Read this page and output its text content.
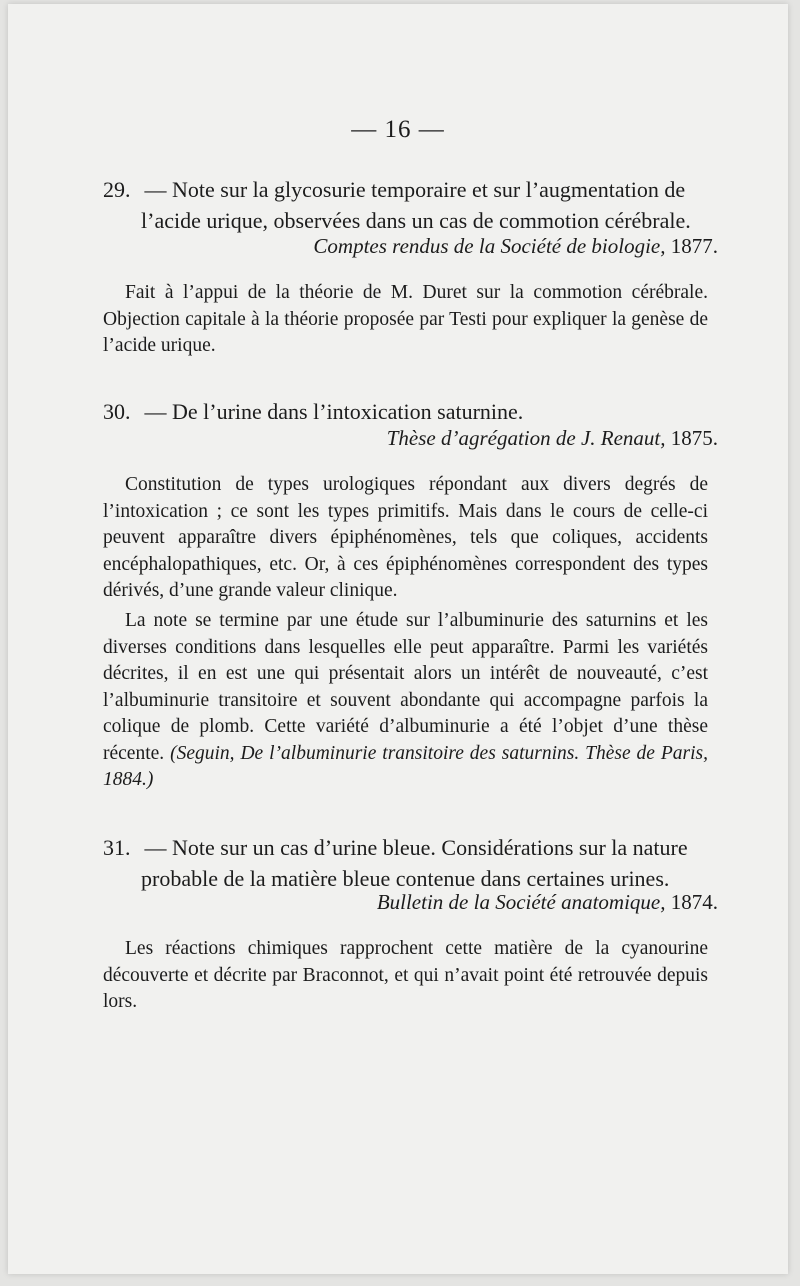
— 16 —
29. — Note sur la glycosurie temporaire et sur l’augmentation de
l’acide urique, observées dans un cas de commotion cérébrale.
Comptes rendus de la Société de biologie, 1877.
Fait à l’appui de la théorie de M. Duret sur la commotion cérébrale. Objection capitale à la théorie proposée par Testi pour expliquer la genèse de l’acide urique.
30. — De l’urine dans l’intoxication saturnine.
Thèse d’agrégation de J. Renaut, 1875.
Constitution de types urologiques répondant aux divers degrés de l’intoxication ; ce sont les types primitifs. Mais dans le cours de celle-ci peuvent apparaître divers épiphénomènes, tels que coliques, accidents encéphalopathiques, etc. Or, à ces épiphénomènes correspondent des types dérivés, d’une grande valeur clinique.
La note se termine par une étude sur l’albuminurie des saturnins et les diverses conditions dans lesquelles elle peut apparaître. Parmi les variétés décrites, il en est une qui présentait alors un intérêt de nouveauté, c’est l’albuminurie transitoire et souvent abondante qui accompagne parfois la colique de plomb. Cette variété d’albuminurie a été l’objet d’une thèse récente. (Seguin, De l’albuminurie transitoire des saturnins. Thèse de Paris, 1884.)
31. — Note sur un cas d’urine bleue. Considérations sur la nature
probable de la matière bleue contenue dans certaines urines.
Bulletin de la Société anatomique, 1874.
Les réactions chimiques rapprochent cette matière de la cyanourine découverte et décrite par Braconnot, et qui n’avait point été retrouvée depuis lors.
